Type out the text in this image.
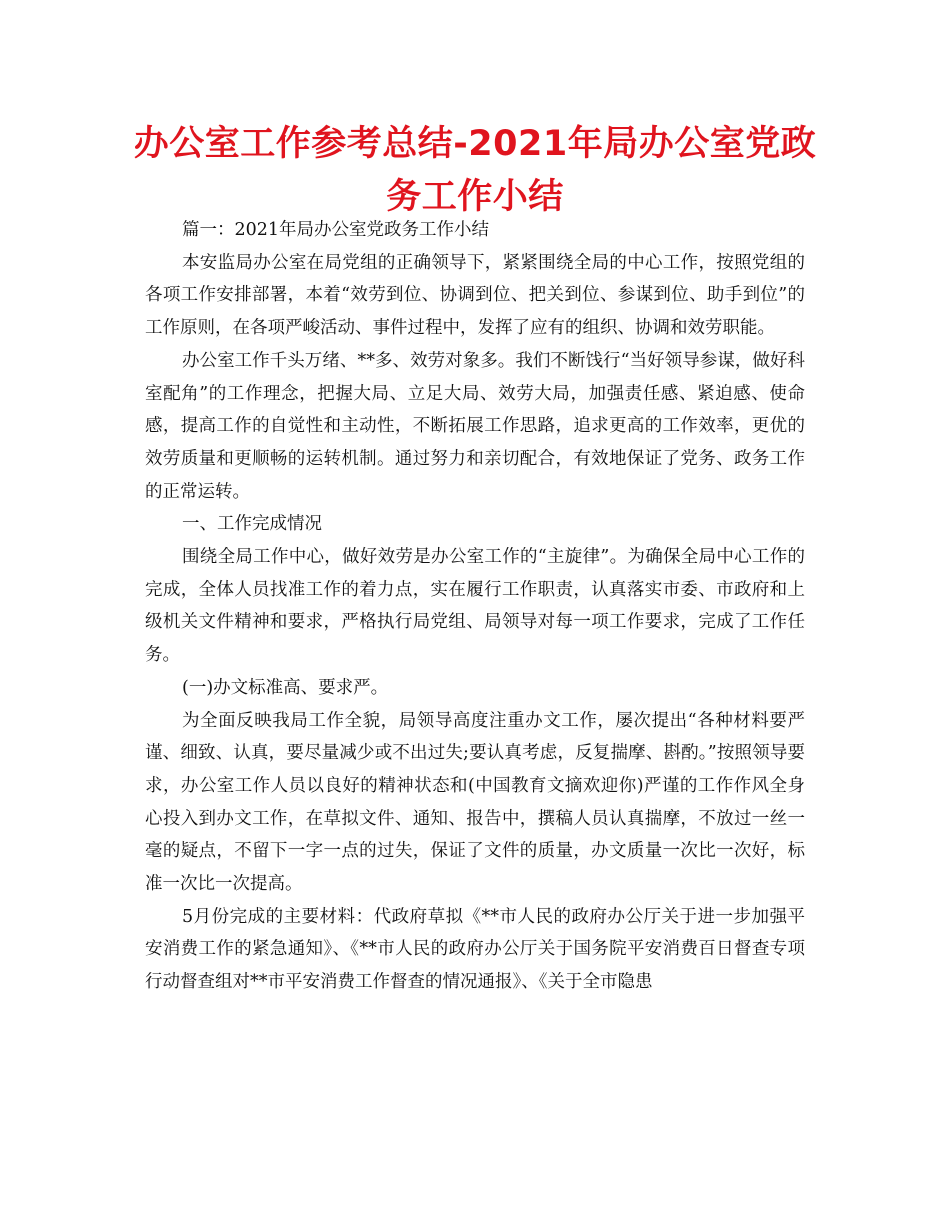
办公室工作参考总结-2021年局办公室党政务工作小结

篇一：2021年局办公室党政务工作小结

本安监局办公室在局党组的正确领导下，紧紧围绕全局的中心工作，按照党组的各项工作安排部署，本着“效劳到位、协调到位、把关到位、参谋到位、助手到位”的工作原则，在各项严峻活动、事件过程中，发挥了应有的组织、协调和效劳职能。

办公室工作千头万绪、**多、效劳对象多。我们不断饯行“当好领导参谋，做好科室配角”的工作理念，把握大局、立足大局、效劳大局，加强责任感、紧迫感、使命感，提高工作的自觉性和主动性，不断拓展工作思路，追求更高的工作效率，更优的效劳质量和更顺畅的运转机制。通过努力和亲切配合，有效地保证了党务、政务工作的正常运转。

一、工作完成情况

围绕全局工作中心，做好效劳是办公室工作的“主旋律”。为确保全局中心工作的完成，全体人员找准工作的着力点，实在履行工作职责，认真落实市委、市政府和上级机关文件精神和要求，严格执行局党组、局领导对每一项工作要求，完成了工作任务。

(一)办文标准高、要求严。

为全面反映我局工作全貌，局领导高度注重办文工作，屡次提出“各种材料要严谨、细致、认真，要尽量减少或不出过失;要认真考虑，反复揣摩、斟酌。”按照领导要求，办公室工作人员以良好的精神状态和(中国教育文摘欢迎你)严谨的工作作风全身心投入到办文工作，在草拟文件、通知、报告中，撰稿人员认真揣摩，不放过一丝一毫的疑点，不留下一字一点的过失，保证了文件的质量，办文质量一次比一次好，标准一次比一次提高。

5月份完成的主要材料：代政府草拟《**市人民的政府办公厅关于进一步加强平安消费工作的紧急通知》、《**市人民的政府办公厅关于国务院平安消费百日督查专项行动督查组对**市平安消费工作督查的情况通报》、《关于全市隐患
